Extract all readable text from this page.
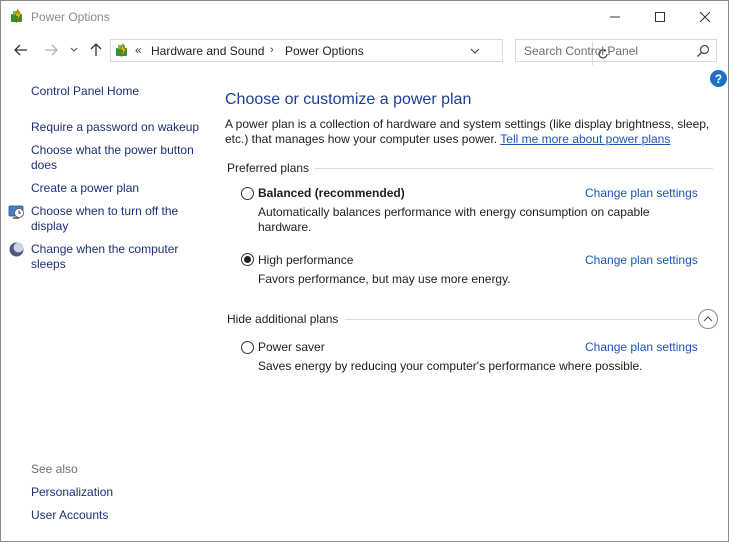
Power Options
« Hardware and Sound › Power Options	Search Control Panel
?
Control Panel Home
Require a password on wakeup
Choose what the power button does
Create a power plan
Choose when to turn off the display
Change when the computer sleeps
See also
Personalization
User Accounts
Choose or customize a power plan
A power plan is a collection of hardware and system settings (like display brightness, sleep, etc.) that manages how your computer uses power. Tell me more about power plans
Preferred plans
Balanced (recommended)	Change plan settings
Automatically balances performance with energy consumption on capable hardware.
High performance	Change plan settings
Favors performance, but may use more energy.
Hide additional plans
Power saver	Change plan settings
Saves energy by reducing your computer's performance where possible.
